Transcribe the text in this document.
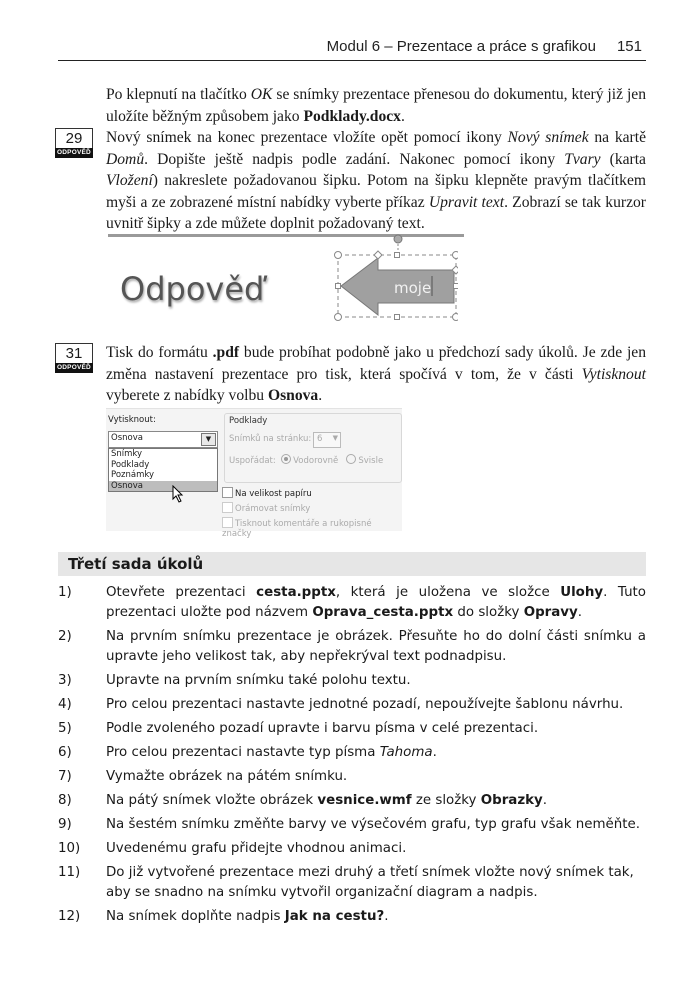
Modul 6 – Prezentace a práce s grafikou 151
Po klepnutí na tlačítko OK se snímky prezentace přenesou do dokumentu, který již jen uložíte běžným způsobem jako Podklady.docx.
29
ODPOVĚĎ
Nový snímek na konec prezentace vložíte opět pomocí ikony Nový snímek na kartě Domů. Dopište ještě nadpis podle zadání. Nakonec pomocí ikony Tvary (karta Vložení) nakreslete požadovanou šipku. Potom na šipku klepněte pravým tlačítkem myši a ze zobrazené místní nabídky vyberte příkaz Upravit text. Zobrazí se tak kurzor uvnitř šipky a zde můžete doplnit požadovaný text.
Odpověď	moje
31
ODPOVĚĎ
Tisk do formátu .pdf bude probíhat podobně jako u předchozí sady úkolů. Je zde jen změna nastavení prezentace pro tisk, která spočívá v tom, že v části Vytisknout vyberete z nabídky volbu Osnova.
Vytisknout:
Osnova	▼
Snímky
Podklady
Poznámky
Osnova
Podklady
Snímků na stránku: 6 ▼
Uspořádat: Vodorovně Svisle
Na velikost papíru
Orámovat snímky
Tisknout komentáře a rukopisné značky
Třetí sada úkolů
1)	Otevřete prezentaci cesta.pptx, která je uložena ve složce Ulohy. Tuto prezentaci uložte pod názvem Oprava_cesta.pptx do složky Opravy.
2)	Na prvním snímku prezentace je obrázek. Přesuňte ho do dolní části snímku a upravte jeho velikost tak, aby nepřekrýval text podnadpisu.
3)	Upravte na prvním snímku také polohu textu.
4)	Pro celou prezentaci nastavte jednotné pozadí, nepoužívejte šablonu návrhu.
5)	Podle zvoleného pozadí upravte i barvu písma v celé prezentaci.
6)	Pro celou prezentaci nastavte typ písma Tahoma.
7)	Vymažte obrázek na pátém snímku.
8)	Na pátý snímek vložte obrázek vesnice.wmf ze složky Obrazky.
9)	Na šestém snímku změňte barvy ve výsečovém grafu, typ grafu však neměňte.
10)	Uvedenému grafu přidejte vhodnou animaci.
11)	Do již vytvořené prezentace mezi druhý a třetí snímek vložte nový snímek tak, aby se snadno na snímku vytvořil organizační diagram a nadpis.
12)	Na snímek doplňte nadpis Jak na cestu?.
